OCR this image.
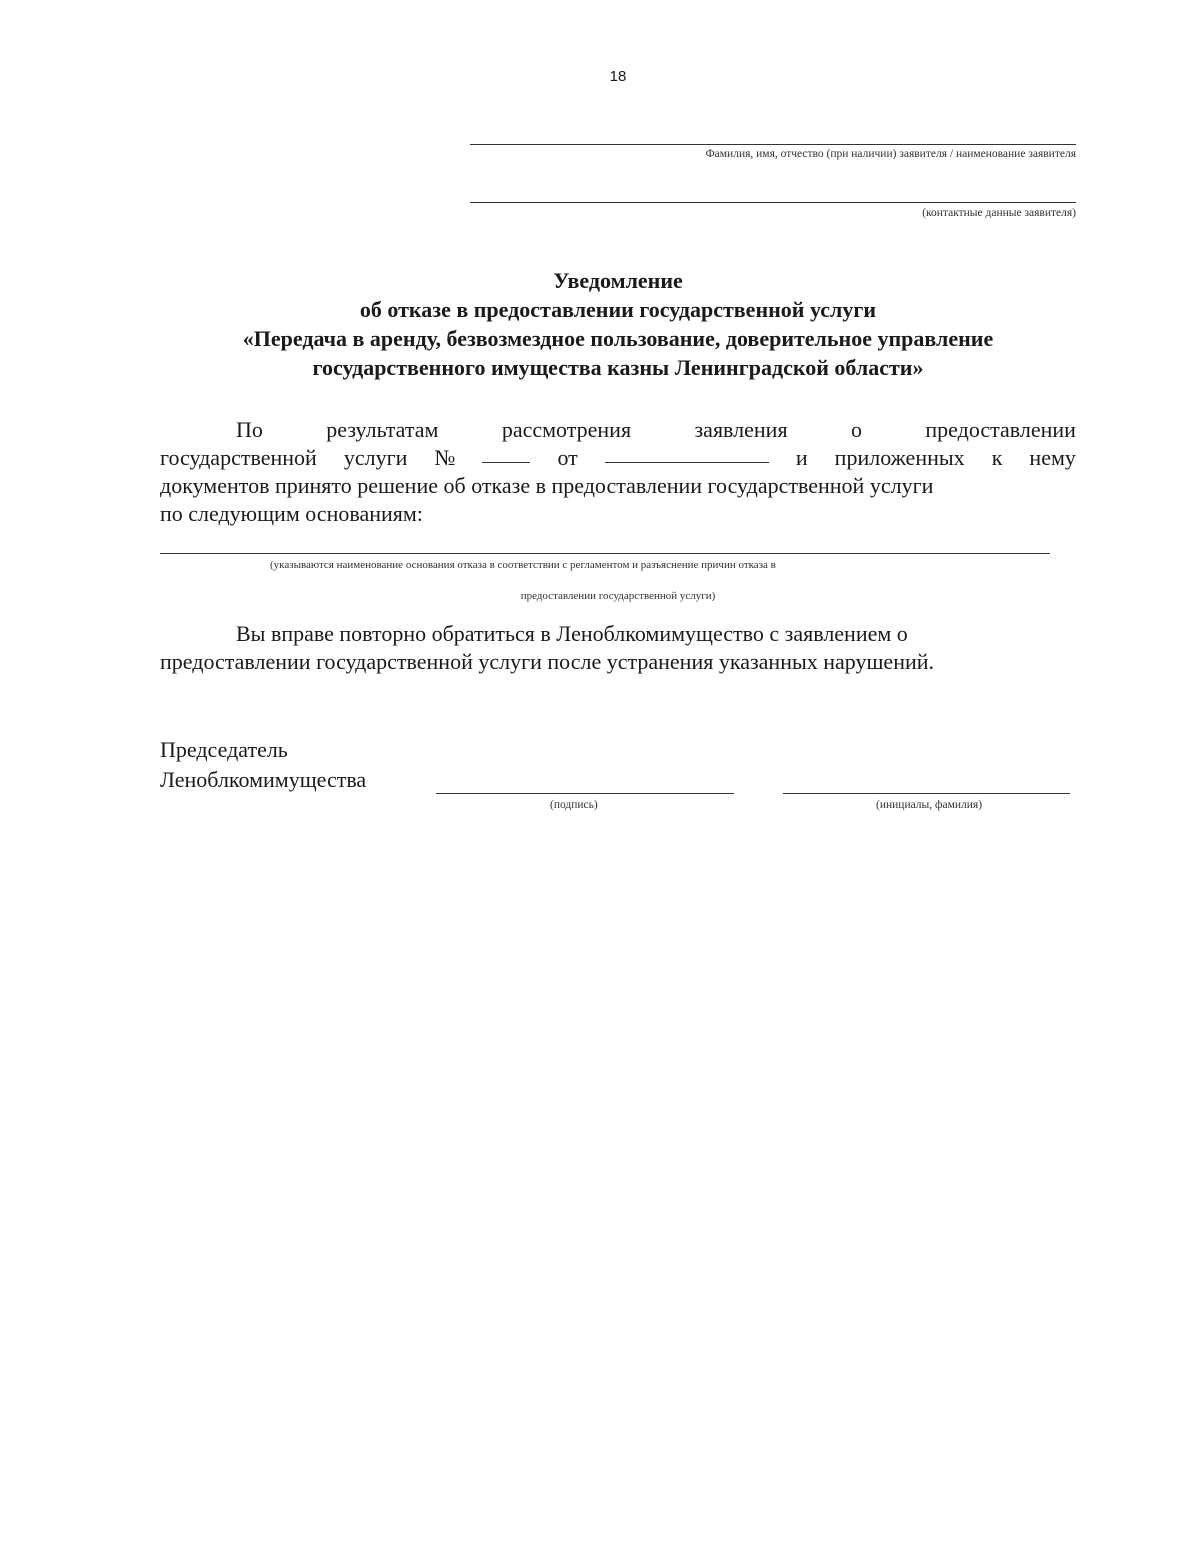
18
Фамилия, имя, отчество (при наличии) заявителя / наименование заявителя
(контактные данные заявителя)
Уведомление
об отказе в предоставлении государственной услуги
«Передача в аренду, безвозмездное пользование, доверительное управление
государственного имущества казны Ленинградской области»
По	результатам	рассмотрения	заявления	о	предоставлении
государственной услуги №	от	и приложенных к нему
документов принято решение об отказе в предоставлении государственной услуги
по следующим основаниям:
(указываются наименование основания отказа в соответствии с регламентом и разъяснение причин отказа в
предоставлении государственной услуги)
Вы вправе повторно обратиться в Леноблкомимущество с заявлением о
предоставлении государственной услуги после устранения указанных нарушений.
Председатель
Леноблкомимущества
(подпись)	(инициалы, фамилия)
